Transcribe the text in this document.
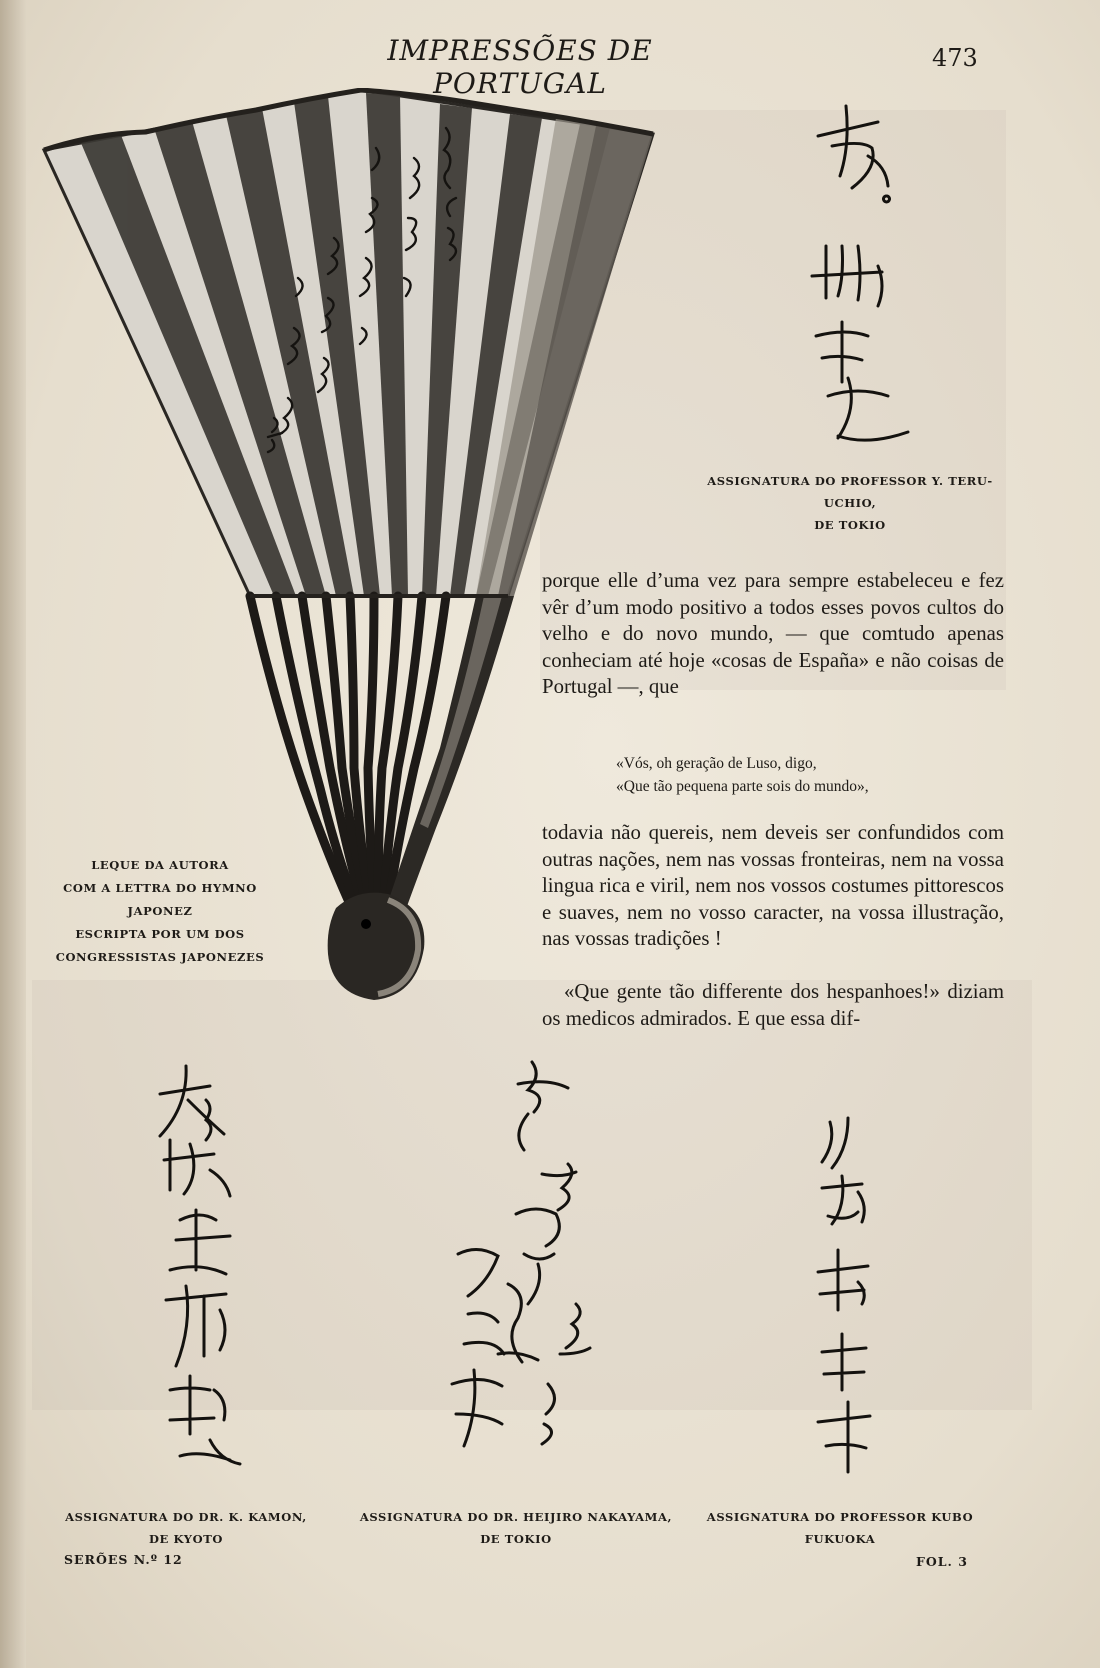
IMPRESSÕES DE PORTUGAL
473
ASSIGNATURA DO PROFESSOR Y. TERU-UCHIO,
DE TOKIO

porque elle d’uma vez para sempre estabeleceu e fez vêr d’um modo positivo a todos esses povos cultos do velho e do novo mundo, — que comtudo apenas conheciam até hoje «cosas de España» e não coisas de Portugal —, que

«Vós, oh geração de Luso, digo,
«Que tão pequena parte sois do mundo»,

todavia não quereis, nem deveis ser confundidos com outras nações, nem nas vossas fronteiras, nem na vossa lingua rica e viril, nem nos vossos costumes pittorescos e suaves, nem no vosso caracter, na vossa illustração, nas vossas tradições !

«Que gente tão differente dos hespanhoes!» diziam os medicos admirados. E que essa dif-

LEQUE DA AUTORA
COM A LETTRA DO HYMNO JAPONEZ
ESCRIPTA POR UM DOS
CONGRESSISTAS JAPONEZES
ASSIGNATURA DO DR. K. KAMON,
DE KYOTO
ASSIGNATURA DO DR. HEIJIRO NAKAYAMA,
DE TOKIO
ASSIGNATURA DO PROFESSOR KUBO
FUKUOKA
SERÕES N.º 12	FOL. 3
